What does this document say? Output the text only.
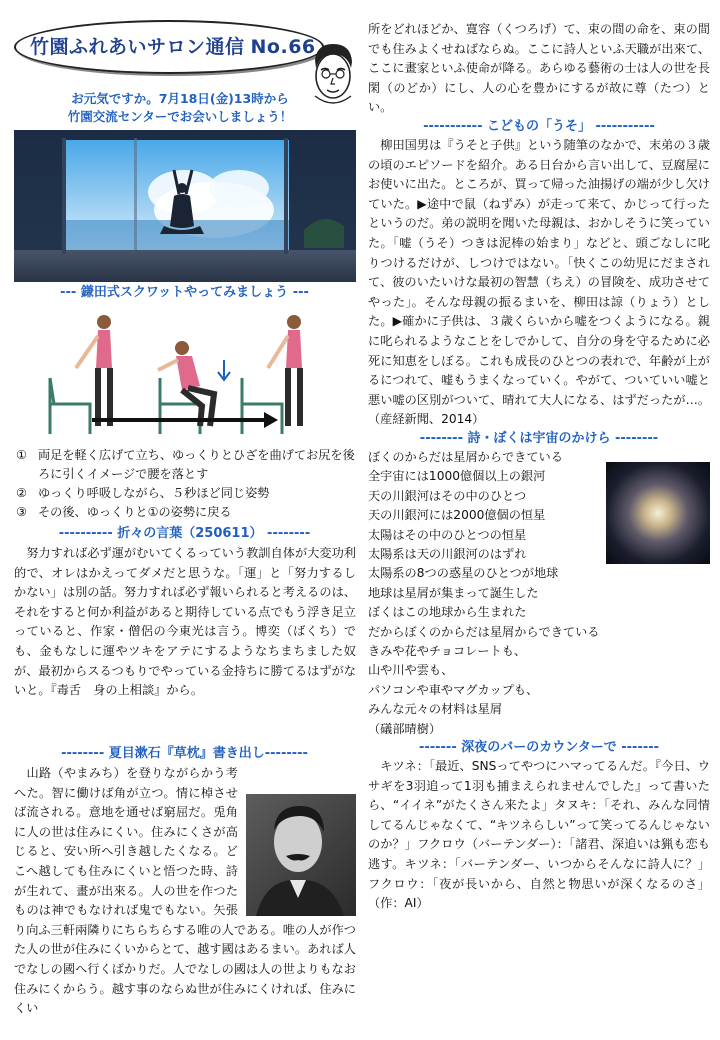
竹園ふれあいサロン通信 No.66
お元気ですか。7月18日(金)13時から
竹園交流センターでお会いしましょう！
--- 鎌田式スクワットやってみましょう ---
① 両足を軽く広げて立ち、ゆっくりとひざを曲げてお尻を後ろに引くイメージで腰を落とす
② ゆっくり呼吸しながら、５秒ほど同じ姿勢
③ その後、ゆっくりと①の姿勢に戻る
---------- 折々の言葉（250611） --------
　努力すれば必ず運がむいてくるっていう教訓自体が大変功利的で、オレはかえってダメだと思うな。「運」と「努力するしかない」は別の話。努力すれば必ず報いられると考えるのは、それをすると何か利益があると期待している点でもう浮き足立っていると、作家・僧侶の今東光は言う。博奕（ばくち）でも、金もなしに運やツキをアテにするようなちまちました奴が、最初からスるつもりでやっている金持ちに勝てるはずがないと。『毒舌　身の上相談』から。
-------- 夏目漱石『草枕』書き出し--------
　山路（やまみち）を登りながらかう考へた。智に働けば角が立つ。情に棹させば流される。意地を通せば窮屈だ。兎角に人の世は住みにくい。住みにくさが高じると、安い所へ引き越したくなる。どこへ越しても住みにくいと悟つた時、詩が生れて、畫が出來る。人の世を作つたものは神でもなければ鬼でもない。矢張り向ふ三軒兩隣りにちらちらする唯の人である。唯の人が作つた人の世が住みにくいからとて、越す國はあるまい。あれば人でなしの國へ行くばかりだ。人でなしの國は人の世よりもなお住みにくからう。越す事のならぬ世が住みにくければ、住みにくい
所をどれほどか、寛容（くつろげ）て、束の間の命を、束の間でも住みよくせねばならぬ。ここに詩人といふ天職が出來て、ここに畫家といふ使命が降る。あらゆる藝術の士は人の世を長閑（のどか）にし、人の心を豊かにするが故に尊（たつ）とい。
----------- こどもの「うそ」 -----------
　柳田国男は『うそと子供』という随筆のなかで、末弟の３歳の頃のエピソードを紹介。ある日台から言い出して、豆腐屋にお使いに出た。ところが、買って帰った油揚げの端が少し欠けていた。▶途中で鼠（ねずみ）が走って来て、かじって行ったというのだ。弟の説明を聞いた母親は、おかしそうに笑っていた。「嘘（うそ）つきは泥棒の始まり」などと、頭ごなしに叱りつけるだけが、しつけではない。「快くこの幼児にだまされて、彼のいたいけな最初の智慧（ちえ）の冒険を、成功させてやった」。そんな母親の振るまいを、柳田は諒（りょう）とした。▶確かに子供は、３歳くらいから嘘をつくようになる。親に叱られるようなことをしでかして、自分の身を守るために必死に知恵をしぼる。これも成長のひとつの表れで、年齢が上がるにつれて、嘘もうまくなっていく。やがて、ついていい嘘と悪い嘘の区別がついて、晴れて大人になる、はずだったが…。（産経新聞、2014）
-------- 詩・ぼくは宇宙のかけら --------
ぼくのからだは星屑からできている
全宇宙には1000億個以上の銀河
天の川銀河はその中のひとつ
天の川銀河には2000億個の恒星
太陽はその中のひとつの恒星
太陽系は天の川銀河のはずれ
太陽系の8つの惑星のひとつが地球
地球は星屑が集まって誕生した
ぼくはこの地球から生まれた
だからぼくのからだは星屑からできている
きみや花やチョコレートも、
山や川や雲も、
パソコンや車やマグカップも、
みんな元々の材料は星屑
（礒部晴樹）
------- 深夜のバーのカウンターで -------
　キツネ：「最近、SNSってやつにハマってるんだ。『今日、ウサギを3羽追って1羽も捕まえられませんでした』って書いたら、“イイネ”がたくさん来たよ」タヌキ：「それ、みんな同情してるんじゃなくて、“キツネらしい”って笑ってるんじゃないのか？」フクロウ（バーテンダー）：「諸君、深追いは猟も恋も逃す。キツネ：「バーテンダー、いつからそんなに詩人に？」フクロウ：「夜が長いから、自然と物思いが深くなるのさ」（作：AI）
